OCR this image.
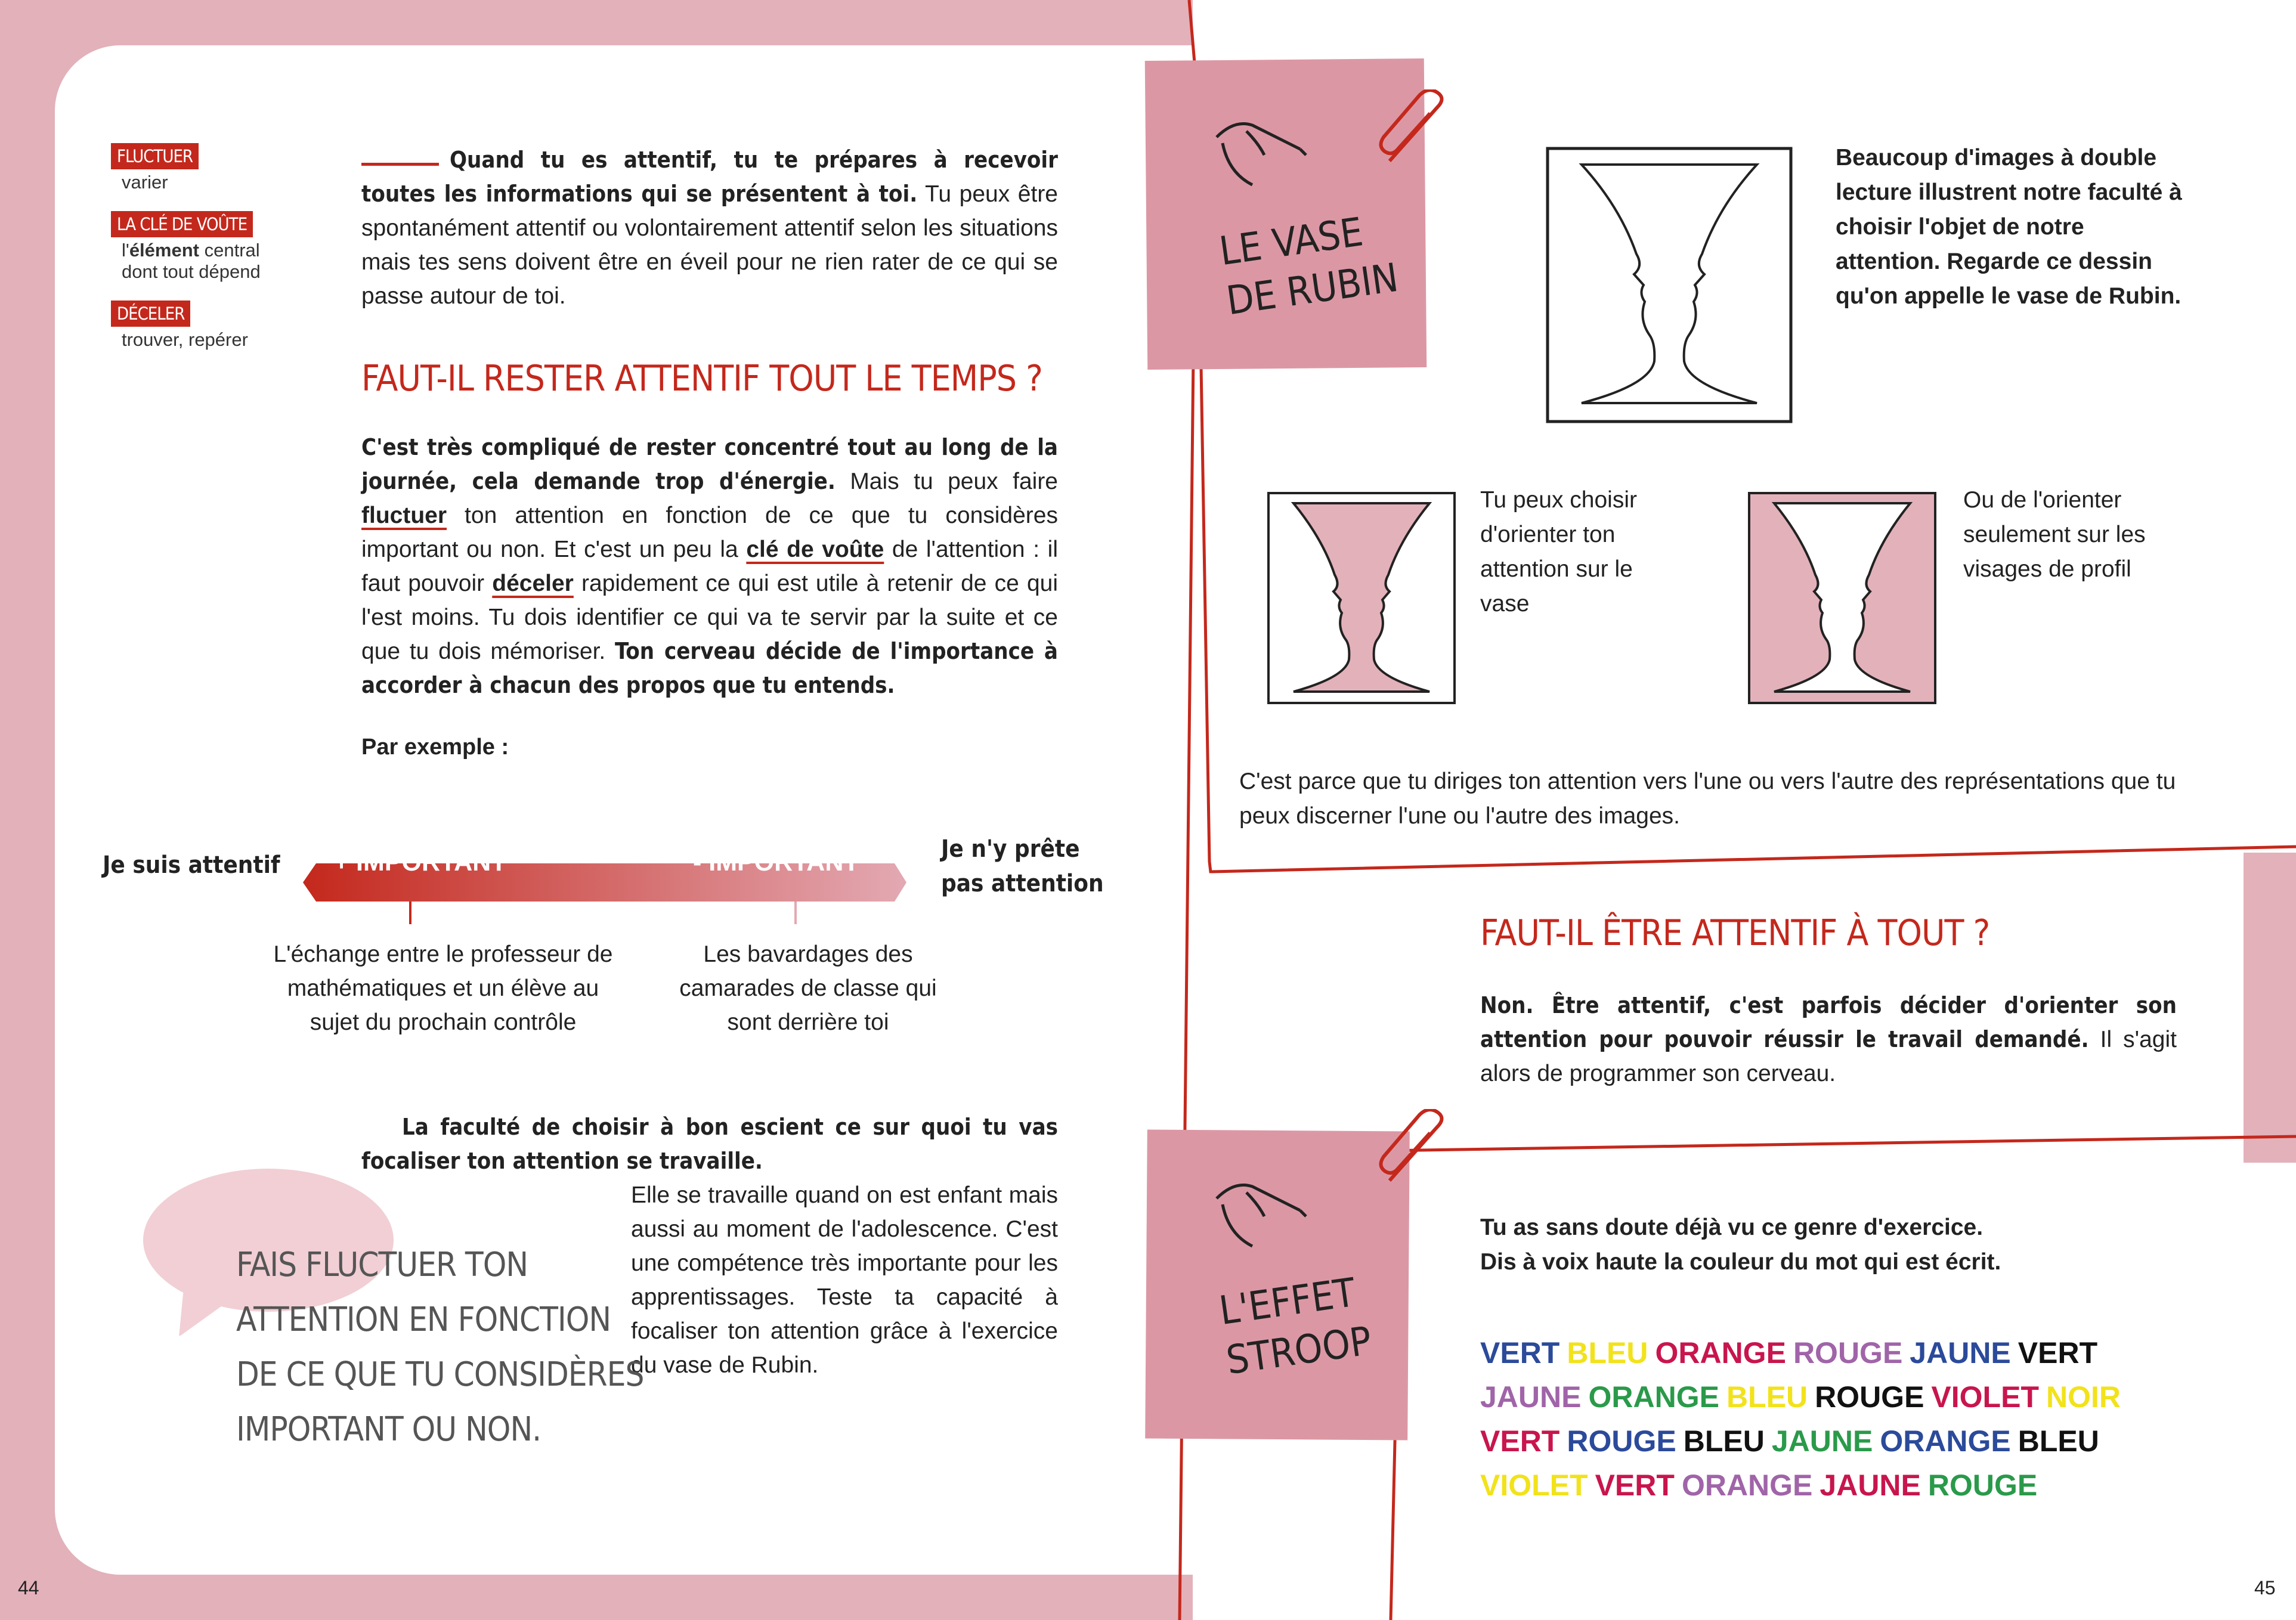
44
FLUCTUER
varier
LA CLÉ DE VOÛTE
l'élément central
dont tout dépend
DÉCELER
trouver, repérer
Quand tu es attentif, tu te prépares à recevoir toutes les informations qui se présentent à toi. Tu peux être spontanément attentif ou volontairement attentif selon les situations mais tes sens doivent être en éveil pour ne rien rater de ce qui se passe autour de toi.
FAUT-IL RESTER ATTENTIF TOUT LE TEMPS ?
C'est très compliqué de rester concentré tout au long de la journée, cela demande trop d'énergie. Mais tu peux faire fluctuer ton attention en fonction de ce que tu considères important ou non. Et c'est un peu la clé de voûte de l'attention : il faut pouvoir déceler rapidement ce qui est utile à retenir de ce qui l'est moins. Tu dois identifier ce qui va te servir par la suite et ce que tu dois mémoriser. Ton cerveau décide de l'importance à accorder à chacun des propos que tu entends.
Par exemple :
Je suis attentif + IMPORTANT	- IMPORTANT	Je n'y prête pas attention
L'échange entre le professeur de mathématiques et un élève au sujet du prochain contrôle
Les bavardages des camarades de classe qui sont derrière toi
La faculté de choisir à bon escient ce sur quoi tu vas focaliser ton attention se travaille.
Elle se travaille quand on est enfant mais aussi au moment de l'adolescence. C'est une compétence très importante pour les apprentissages. Teste ta capacité à focaliser ton attention grâce à l'exercice du vase de Rubin.
FAIS FLUCTUER TON
ATTENTION EN FONCTION
DE CE QUE TU CONSIDÈRES
IMPORTANT OU NON.
45
LE VASE
DE RUBIN
Beaucoup d'images à double lecture illustrent notre faculté à choisir l'objet de notre attention. Regarde ce dessin qu'on appelle le vase de Rubin.
Tu peux choisir d'orienter ton attention sur le vase
Ou de l'orienter seulement sur les visages de profil
C'est parce que tu diriges ton attention vers l'une ou vers l'autre des représentations que tu peux discerner l'une ou l'autre des images.
FAUT-IL ÊTRE ATTENTIF À TOUT ?
Non. Être attentif, c'est parfois décider d'orienter son attention pour pouvoir réussir le travail demandé. Il s'agit alors de programmer son cerveau.
L'EFFET
STROOP
Tu as sans doute déjà vu ce genre d'exercice.
Dis à voix haute la couleur du mot qui est écrit.
VERT BLEU ORANGE ROUGE JAUNE VERT
JAUNE ORANGE BLEU ROUGE VIOLET NOIR
VERT ROUGE BLEU JAUNE ORANGE BLEU
VIOLET VERT ORANGE JAUNE ROUGE
